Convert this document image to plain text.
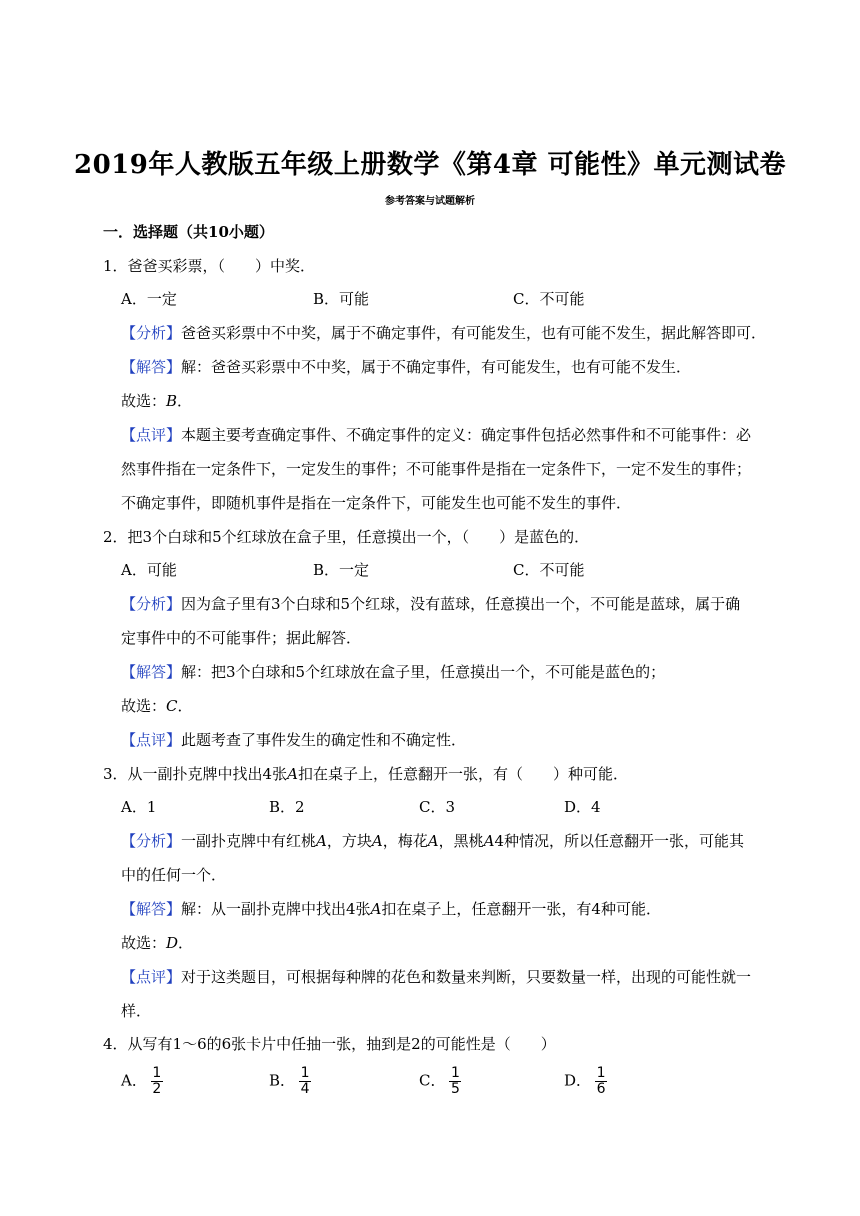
2019年人教版五年级上册数学《第4章 可能性》单元测试卷
参考答案与试题解析
一．选择题（共10小题）
1．爸爸买彩票，（　　）中奖．
A．一定	B．可能	C．不可能
【分析】爸爸买彩票中不中奖，属于不确定事件，有可能发生，也有可能不发生，据此解答即可．
【解答】解：爸爸买彩票中不中奖，属于不确定事件，有可能发生，也有可能不发生．
故选：B．
【点评】本题主要考查确定事件、不确定事件的定义：确定事件包括必然事件和不可能事件：必
然事件指在一定条件下，一定发生的事件；不可能事件是指在一定条件下，一定不发生的事件；
不确定事件，即随机事件是指在一定条件下，可能发生也可能不发生的事件．
2．把3个白球和5个红球放在盒子里，任意摸出一个，（　　）是蓝色的．
A．可能	B．一定	C．不可能
【分析】因为盒子里有3个白球和5个红球，没有蓝球，任意摸出一个，不可能是蓝球，属于确
定事件中的不可能事件；据此解答．
【解答】解：把3个白球和5个红球放在盒子里，任意摸出一个，不可能是蓝色的；
故选：C．
【点评】此题考查了事件发生的确定性和不确定性．
3．从一副扑克牌中找出4张A扣在桌子上，任意翻开一张，有（　　）种可能．
A．1	B．2	C．3	D．4
【分析】一副扑克牌中有红桃A，方块A，梅花A，黑桃A4种情况，所以任意翻开一张，可能其
中的任何一个．
【解答】解：从一副扑克牌中找出4张A扣在桌子上，任意翻开一张，有4种可能．
故选：D．
【点评】对于这类题目，可根据每种牌的花色和数量来判断，只要数量一样，出现的可能性就一
样．
4．从写有1～6的6张卡片中任抽一张，抽到是2的可能性是（　　）
A． $\frac{1}{2}$	B． $\frac{1}{4}$	C． $\frac{1}{5}$	D． $\frac{1}{6}$
